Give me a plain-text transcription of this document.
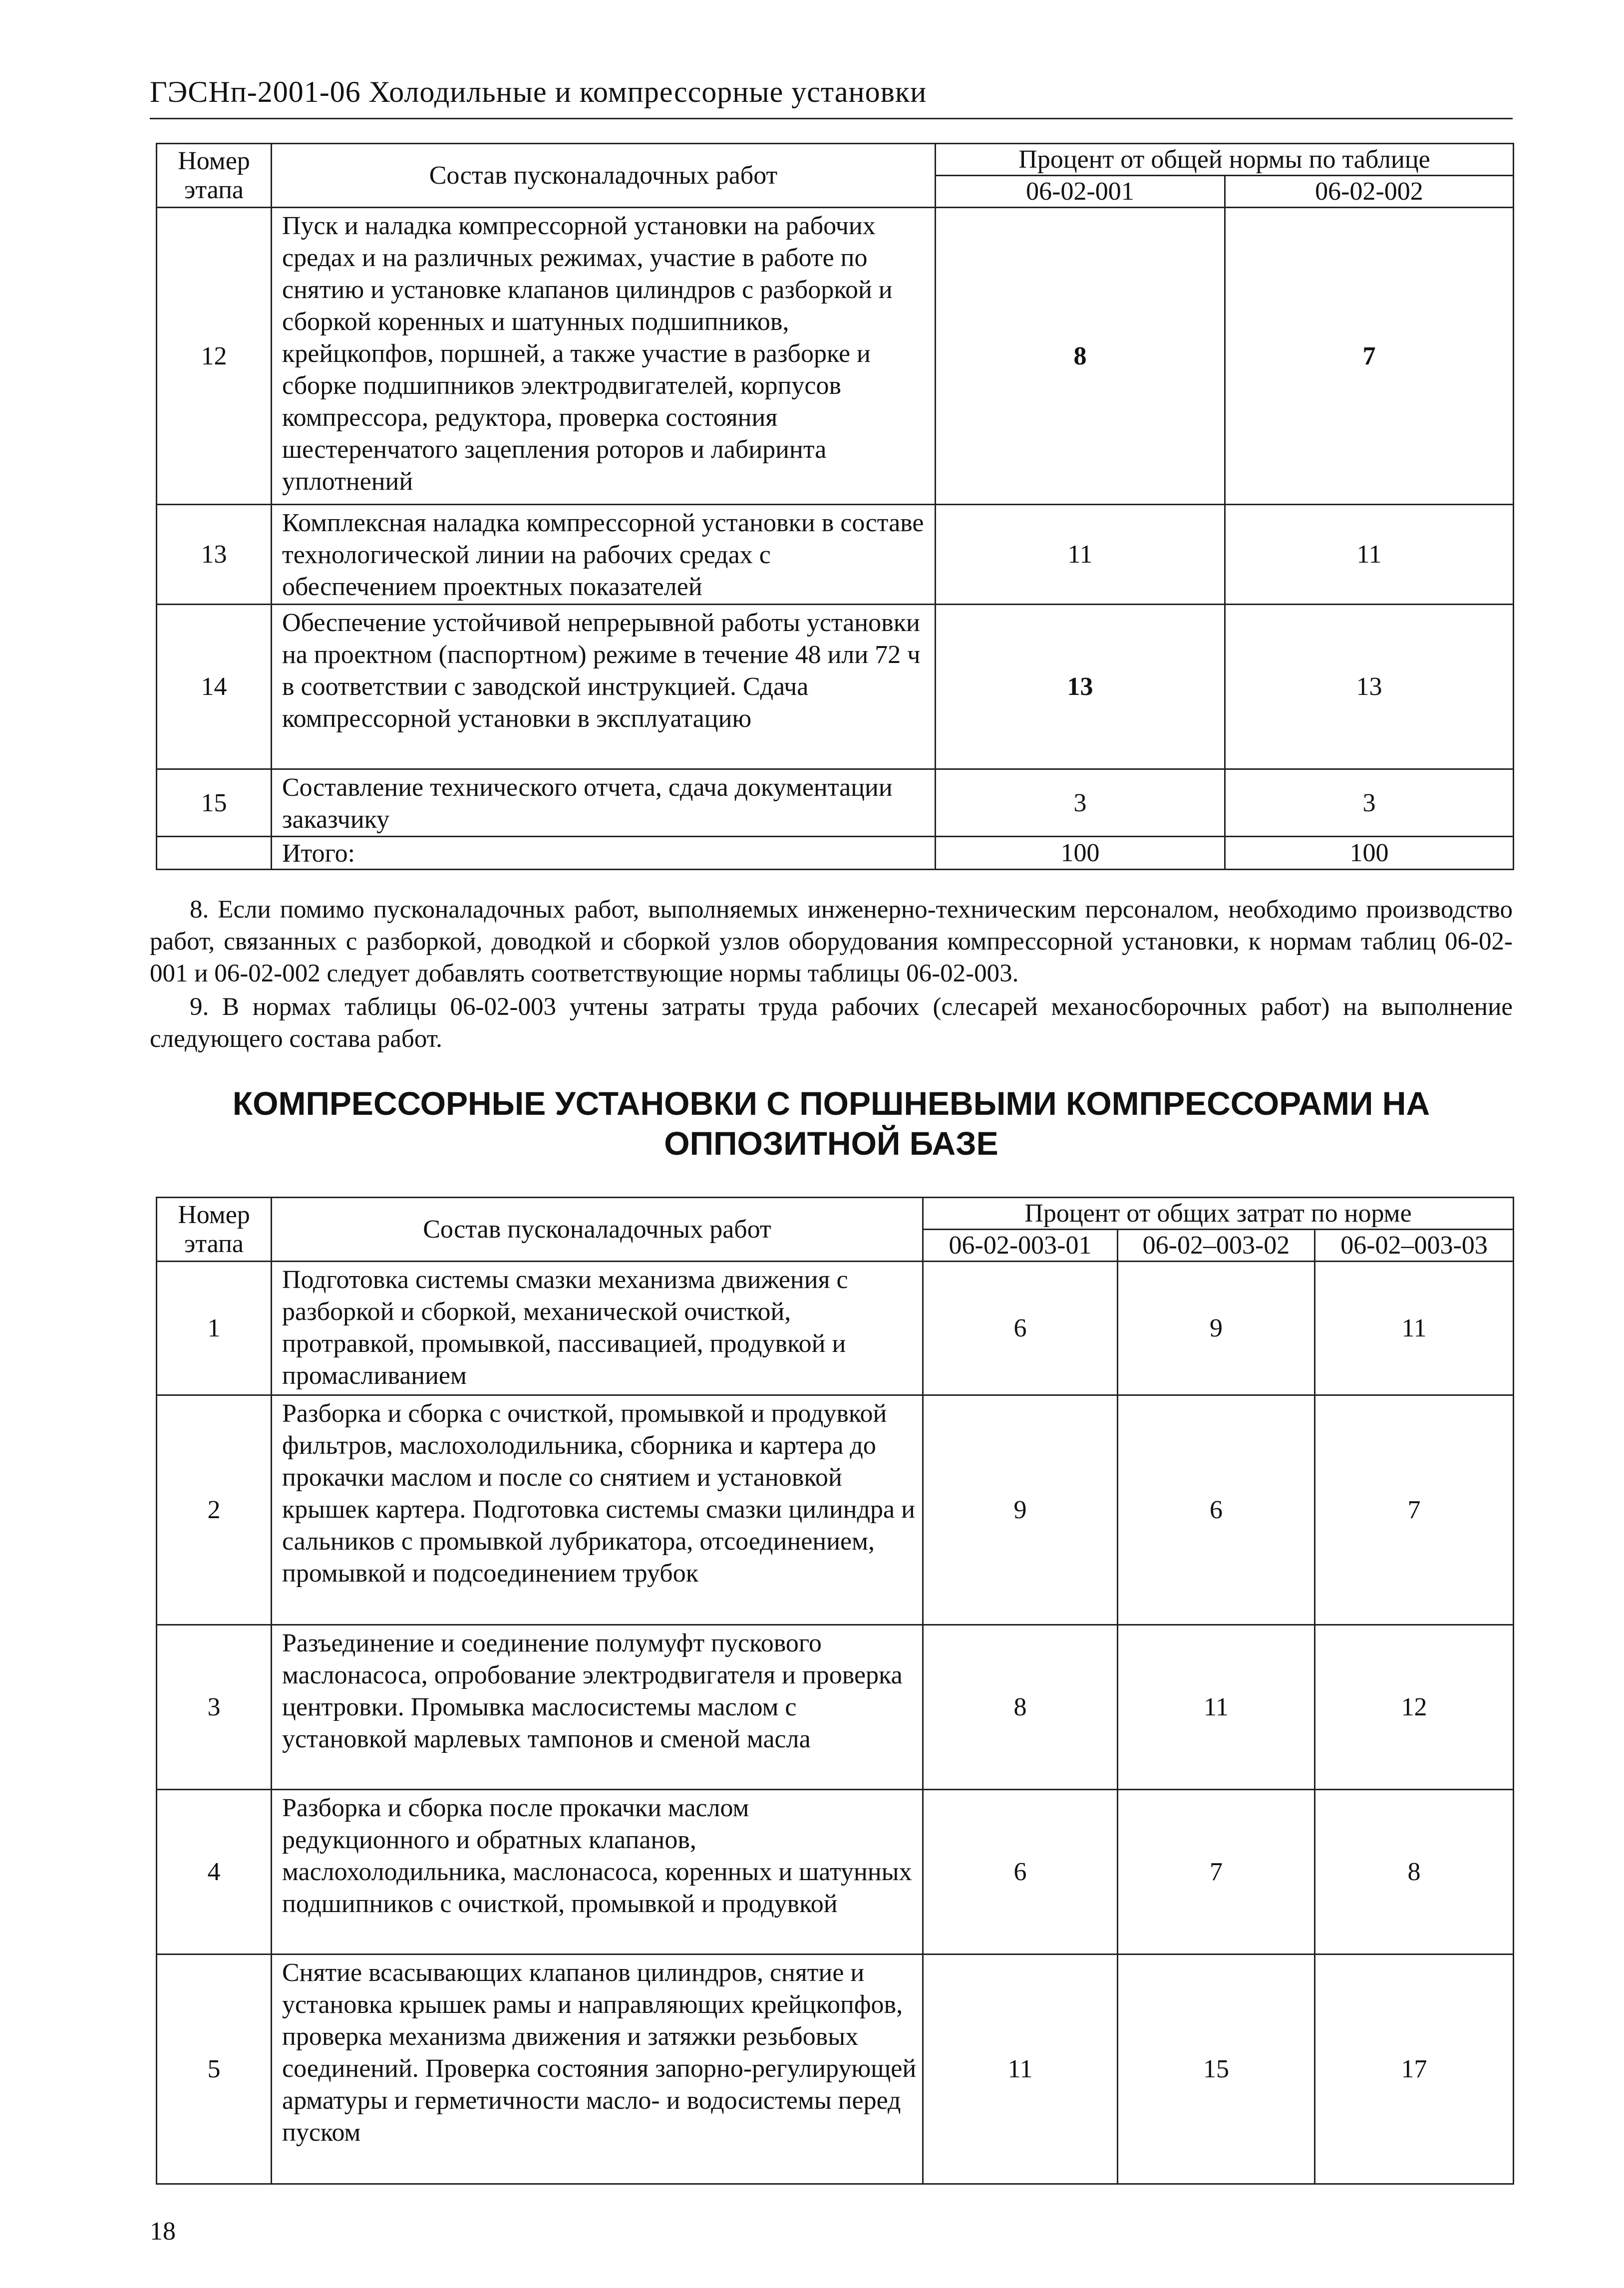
ГЭСНп-2001-06 Холодильные и компрессорные установки
Номер этапа	Состав пусконаладочных работ	Процент от общей нормы по таблице	
		06-02-001	06-02-002
12	Пуск и наладка компрессорной установки на рабочих средах и на различных режимах, участие в работе по снятию и установке клапанов цилиндров с разборкой и сборкой коренных и шатунных подшипников, крейцкопфов, поршней, а также участие в разборке и сборке подшипников электродвигателей, корпусов компрессора, редуктора, проверка состояния шестеренчатого зацепления роторов и лабиринта уплотнений	8	7
13	Комплексная наладка компрессорной установки в составе технологической линии на рабочих средах с обеспечением проектных показателей	11	11
14	Обеспечение устойчивой непрерывной работы установки на проектном (паспортном) режиме в течение 48 или 72 ч в соответствии с заводской инструкцией. Сдача компрессорной установки в эксплуатацию	13	13
15	Составление технического отчета, сдача документации заказчику	3	3
	Итого:	100	100
8. Если помимо пусконаладочных работ, выполняемых инженерно-техническим персоналом, необходимо производство работ, связанных с разборкой, доводкой и сборкой узлов оборудования компрессорной установки, к нормам таблиц 06-02-001 и 06-02-002 следует добавлять соответствующие нормы таблицы 06-02-003.
9. В нормах таблицы 06-02-003 учтены затраты труда рабочих (слесарей механосборочных работ) на выполнение следующего состава работ.
КОМПРЕССОРНЫЕ УСТАНОВКИ С ПОРШНЕВЫМИ КОМПРЕССОРАМИ НА ОППОЗИТНОЙ БАЗЕ
Номер этапа	Состав пусконаладочных работ	Процент от общих затрат по норме		
		06-02-003-01	06-02–003-02	06-02–003-03
1	Подготовка системы смазки механизма движения с разборкой и сборкой, механической очисткой, протравкой, промывкой, пассивацией, продувкой и промасливанием	6	9	11
2	Разборка и сборка с очисткой, промывкой и продувкой фильтров, маслохолодильника, сборника и картера до прокачки маслом и после со снятием и установкой крышек картера. Подготовка системы смазки цилиндра и сальников с промывкой лубрикатора, отсоединением, промывкой и подсоединением трубок	9	6	7
3	Разъединение и соединение полумуфт пускового маслонасоса, опробование электродвигателя и проверка центровки. Промывка маслосистемы маслом с установкой марлевых тампонов и сменой масла	8	11	12
4	Разборка и сборка после прокачки маслом редукционного и обратных клапанов, маслохолодильника, маслонасоса, коренных и шатунных подшипников с очисткой, промывкой и продувкой	6	7	8
5	Снятие всасывающих клапанов цилиндров, снятие и установка крышек рамы и направляющих крейцкопфов, проверка механизма движения и затяжки резьбовых соединений. Проверка состояния запорно-регулирующей арматуры и герметичности масло- и водосистемы перед пуском	11	15	17
18
